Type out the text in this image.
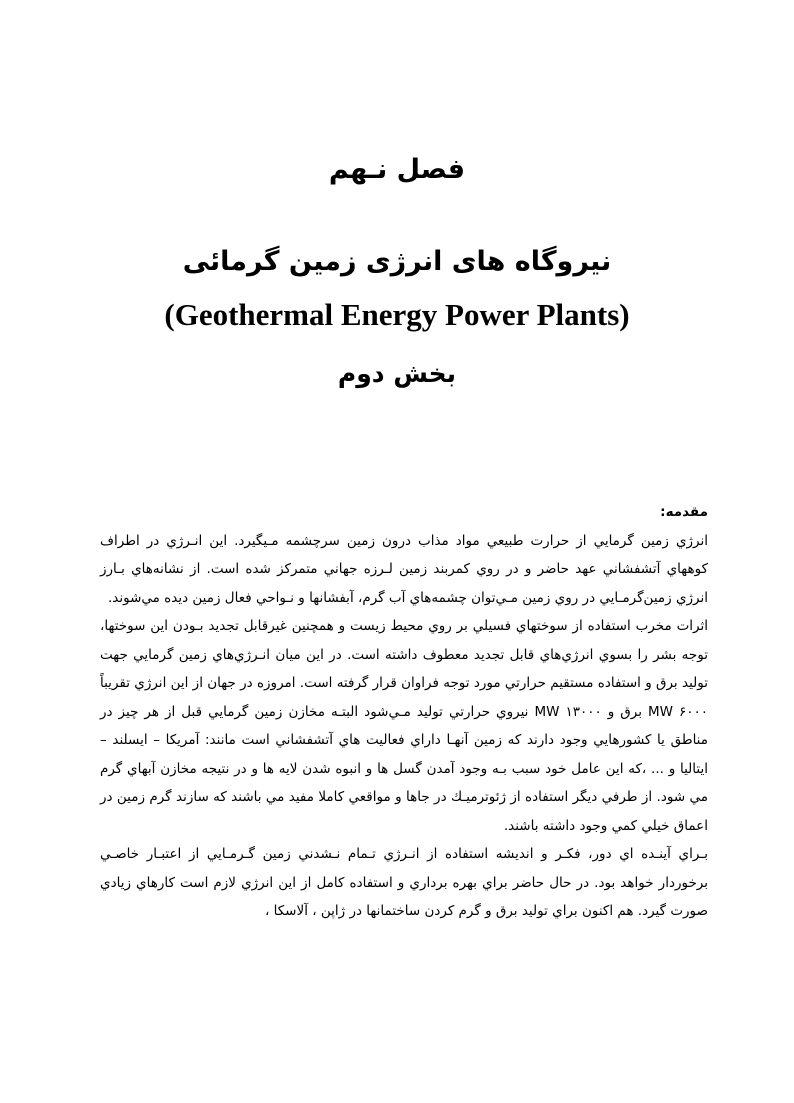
فصل نـهم
نيروگاه های انرژی زمين گرمائی
(Geothermal Energy Power Plants)
بخش دوم

مقدمه:

انرژي زمين گرمايي از حرارت طبيعي مواد مذاب درون زمين سرچشمه مـيگيرد. اين انـرژي در اطراف كوههاي آتشفشاني عهد حاضر و در روي كمربند زمين لـرزه جهاني متمركز شده است. از نشانه‌هاي بـارز انرژي زمين‌گرمـايي در روي زمين مـي‌توان چشمه‌هاي آب گرم، آبفشانها و نـواحي فعال زمين ديده مي‌شوند.

اثرات مخرب استفاده از سوختهاي فسيلي بر روي محيط زيست و همچنين غيرقابل تجديد بـودن اين سوختها، توجه بشر را بسوي انرژي‌هاي قابل تجديد معطوف داشته است. در اين ميان انـرژي‌هاي زمين گرمايي جهت توليد برق و استفاده مستقيم حرارتي مورد توجه فراوان قرار گرفته است. امروزه در جهان از اين انرژي تقريباً MW ۶۰۰۰ برق و MW ۱۳۰۰۰ نيروي حرارتي توليد مـي‌شود البتـه مخازن زمين گرمايي قبل از هر چيز در مناطق يا كشورهايي وجود دارند كه زمين آنهـا داراي فعاليت هاي آتشفشاني است مانند: آمريكا – ايسلند – ايتاليا و ... ،كه اين عامل خود سبب بـه وجود آمدن گسل ها و انبوه شدن لايه ها و در نتيجه مخازن آبهاي گرم مي شود. از طرفي ديگر استفاده از ژئوترميـك در جاها و مواقعي كاملا مفيد مي باشند كه سازند گرم زمين در اعماق خيلي كمي وجود داشته باشند.

بـراي آينـده اي دور، فكـر و انديشه استفاده از انـرژي تـمام نـشدني زمين گـرمـايي از اعتبـار خاصـي برخوردار خواهد بود. در حال حاضر براي بهره برداري و استفاده كامل از اين انرژي لازم است كارهاي زيادي صورت گيرد. هم اكنون براي توليد برق و گرم كردن ساختمانها در ژاپن ، آلاسكا ،
